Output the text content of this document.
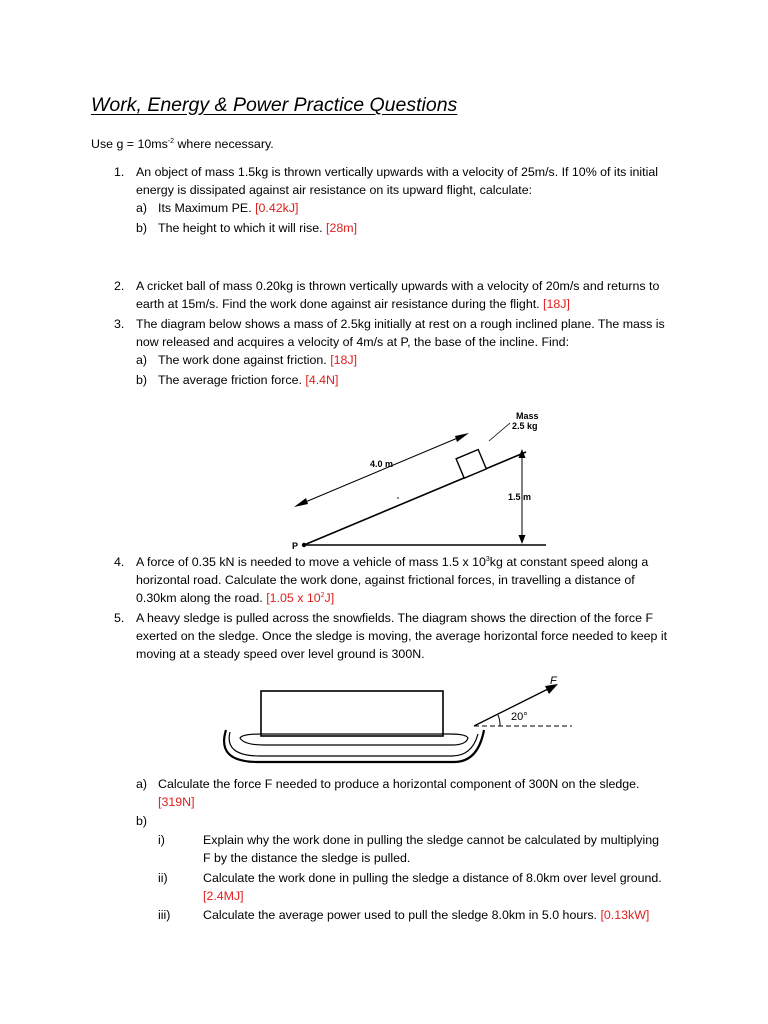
Work, Energy & Power Practice Questions
Use $g = 10ms^{-2}$ where necessary.
1. An object of mass 1.5kg is thrown vertically upwards with a velocity of 25m/s. If 10% of its initial
energy is dissipated against air resistance on its upward flight, calculate:
a) Its Maximum PE. [0.42kJ]
b) The height to which it will rise. [28m]
2. A cricket ball of mass 0.20kg is thrown vertically upwards with a velocity of 20m/s and returns to
earth at 15m/s. Find the work done against air resistance during the flight. [18J]
3. The diagram below shows a mass of 2.5kg initially at rest on a rough inclined plane. The mass is
now released and acquires a velocity of 4m/s at P, the base of the incline. Find:
a) The work done against friction. [18J]
b) The average friction force. [4.4N]
Mass
2.5 kg
4.0 m
1.5 m
P
4. A force of 0.35 kN is needed to move a vehicle of mass 1.5 x $10^3kg$ at constant speed along a
horizontal road. Calculate the work done, against frictional forces, in travelling a distance of
0.30km along the road. [1.05 x $10^2J$]
5. A heavy sledge is pulled across the snowfields. The diagram shows the direction of the force F
exerted on the sledge. Once the sledge is moving, the average horizontal force needed to keep it
moving at a steady speed over level ground is 300N.
F
20°
a) Calculate the force F needed to produce a horizontal component of 300N on the sledge.
[319N]
b)
i)	Explain why the work done in pulling the sledge cannot be calculated by multiplying
F by the distance the sledge is pulled.
ii)	Calculate the work done in pulling the sledge a distance of 8.0km over level ground.
[2.4MJ]
iii)	Calculate the average power used to pull the sledge 8.0km in 5.0 hours. [0.13kW]
